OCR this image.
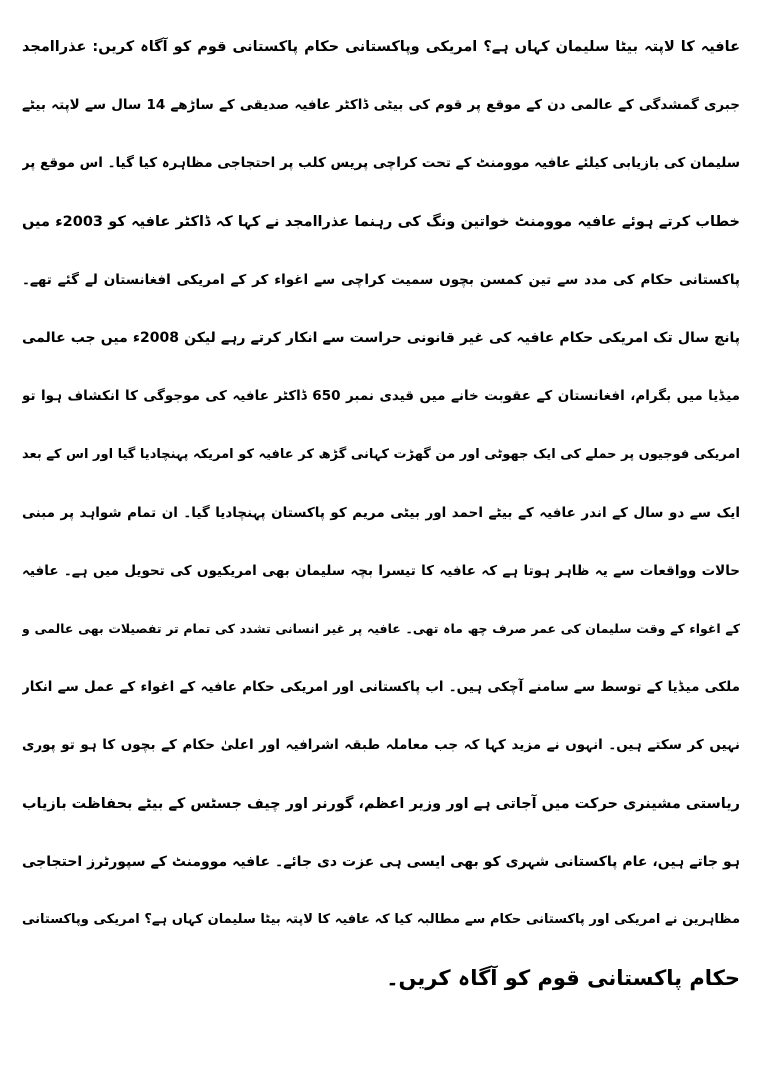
عافیہ کا لاپتہ بیٹا سلیمان کہاں ہے؟ امریکی وپاکستانی حکام پاکستانی قوم کو آگاہ کریں: عذراامجد
جبری گمشدگی کے عالمی دن کے موقع پر قوم کی بیٹی ڈاکٹر عافیہ صدیقی کے ساڑھے 14 سال سے لاپتہ بیٹے
سلیمان کی بازیابی کیلئے عافیہ موومنٹ کے تحت کراچی پریس کلب پر احتجاجی مظاہرہ کیا گیا۔ اس موقع پر
خطاب کرتے ہوئے عافیہ موومنٹ خواتین ونگ کی رہنما عذراامجد نے کہا کہ ڈاکٹر عافیہ کو 2003ء میں
پاکستانی حکام کی مدد سے تین کمسن بچوں سمیت کراچی سے اغواء کر کے امریکی افغانستان لے گئے تھے۔
پانچ سال تک امریکی حکام عافیہ کی غیر قانونی حراست سے انکار کرتے رہے لیکن 2008ء میں جب عالمی
میڈیا میں بگرام، افغانستان کے عقوبت خانے میں قیدی نمبر 650 ڈاکٹر عافیہ کی موجوگی کا انکشاف ہوا تو
امریکی فوجیوں پر حملے کی ایک جھوٹی اور من گھڑت کہانی گڑھ کر عافیہ کو امریکہ پہنچادیا گیا اور اس کے بعد
ایک سے دو سال کے اندر عافیہ کے بیٹے احمد اور بیٹی مریم کو پاکستان پہنچادیا گیا۔ ان تمام شواہد پر مبنی
حالات وواقعات سے یہ ظاہر ہوتا ہے کہ عافیہ کا تیسرا بچہ سلیمان بھی امریکیوں کی تحویل میں ہے۔ عافیہ
کے اغواء کے وقت سلیمان کی عمر صرف چھ ماہ تھی۔ عافیہ پر غیر انسانی تشدد کی تمام تر تفصیلات بھی عالمی و
ملکی میڈیا کے توسط سے سامنے آچکی ہیں۔ اب پاکستانی اور امریکی حکام عافیہ کے اغواء کے عمل سے انکار
نہیں کر سکتے ہیں۔ انہوں نے مزید کہا کہ جب معاملہ طبقہ اشرافیہ اور اعلیٰ حکام کے بچوں کا ہو تو پوری
ریاستی مشینری حرکت میں آجاتی ہے اور وزیر اعظم، گورنر اور چیف جسٹس کے بیٹے بحفاظت بازیاب
ہو جاتے ہیں، عام پاکستانی شہری کو بھی ایسی ہی عزت دی جائے۔ عافیہ موومنٹ کے سپورٹرز احتجاجی
مظاہرین نے امریکی اور پاکستانی حکام سے مطالبہ کیا کہ عافیہ کا لاپتہ بیٹا سلیمان کہاں ہے؟ امریکی وپاکستانی
حکام پاکستانی قوم کو آگاہ کریں۔
